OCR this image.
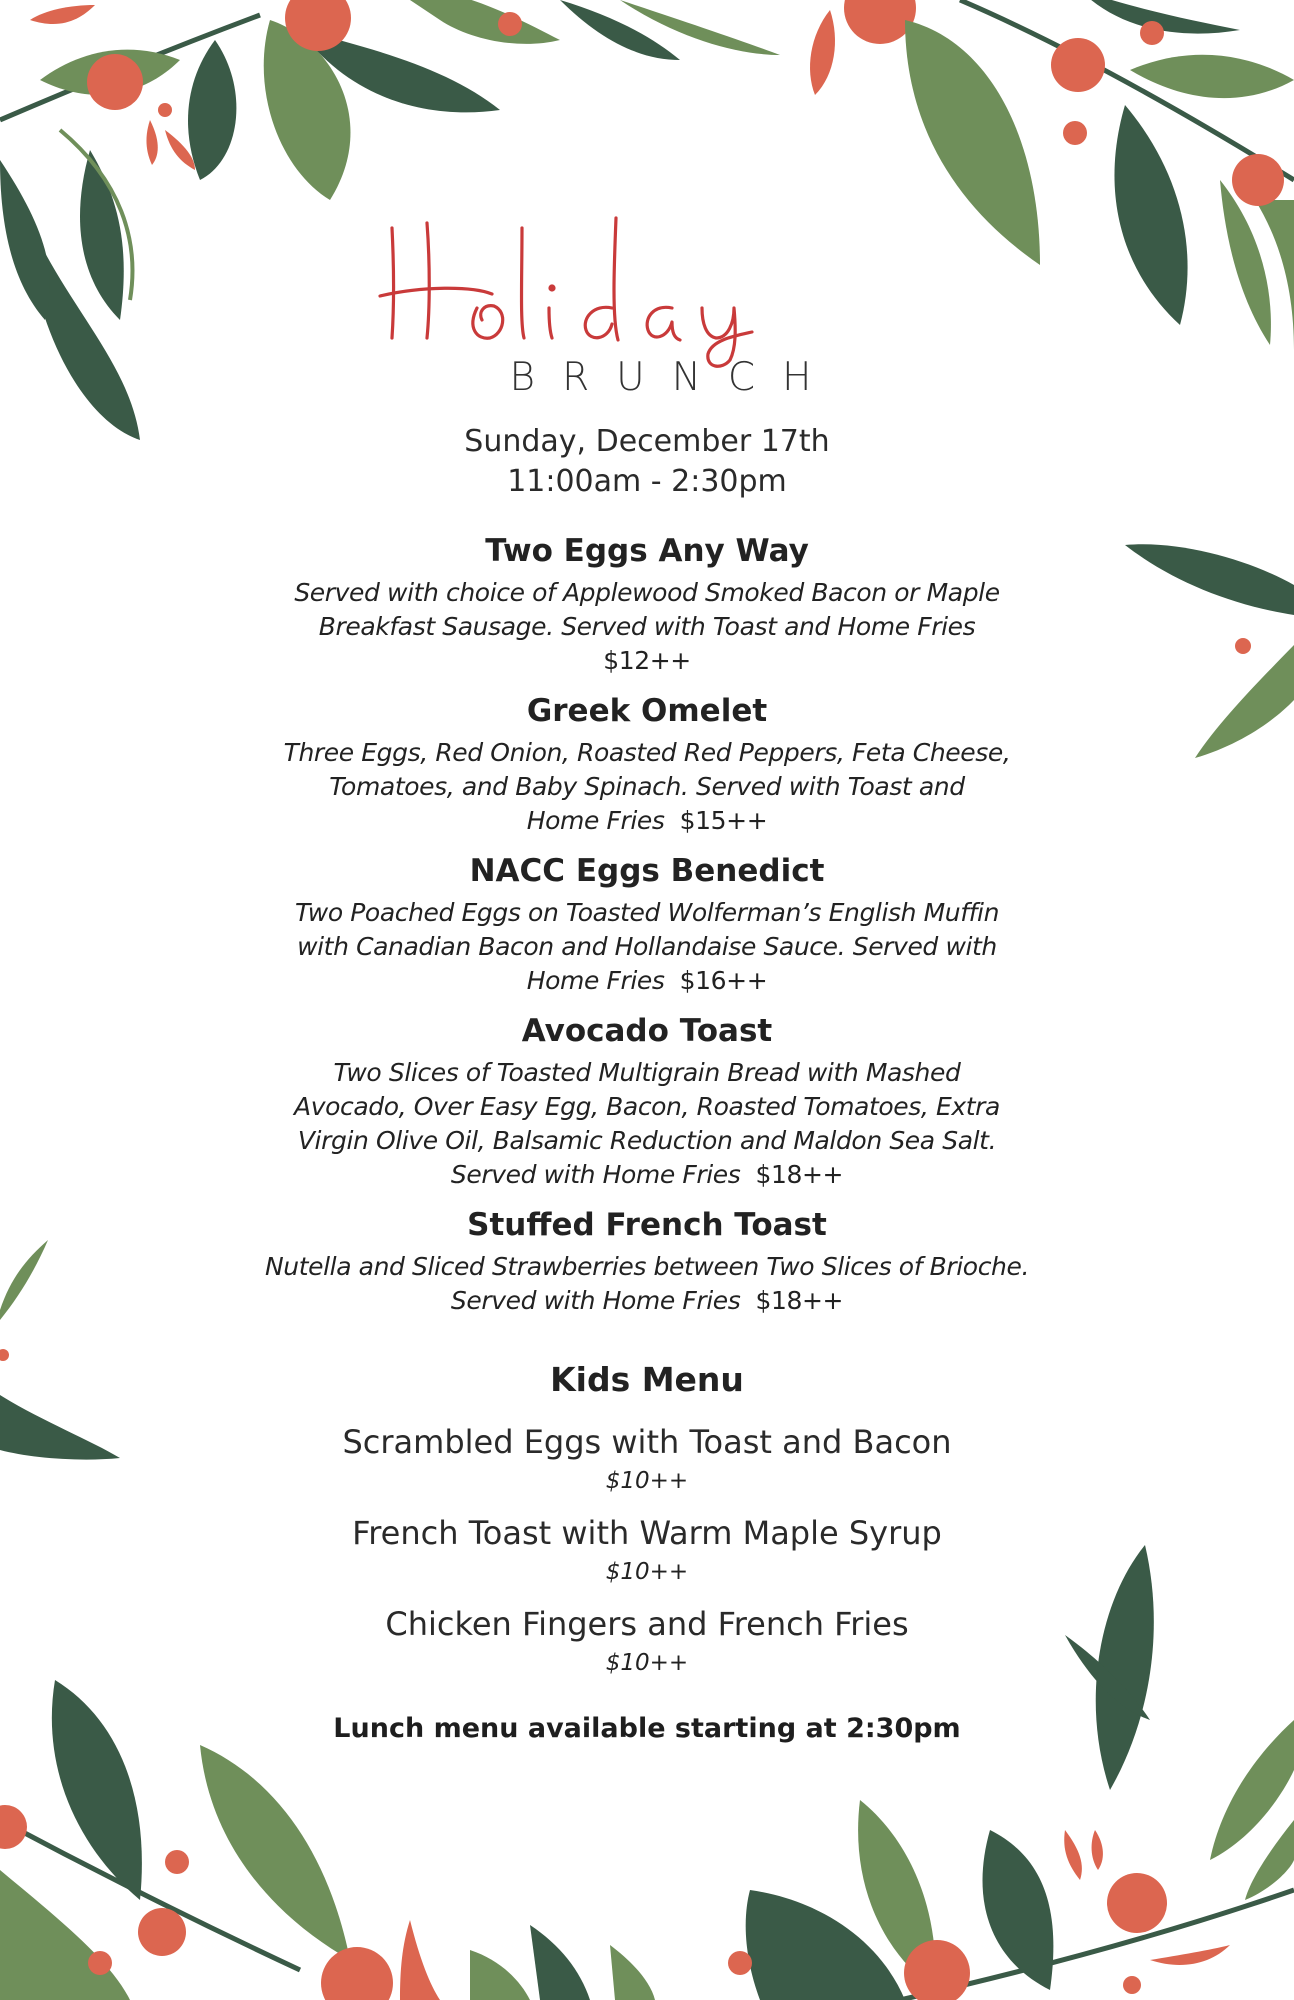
BRUNCH
Sunday, December 17th
11:00am - 2:30pm
Two Eggs Any Way
Served with choice of Applewood Smoked Bacon or Maple
Breakfast Sausage. Served with Toast and Home Fries
$12++
Greek Omelet
Three Eggs, Red Onion, Roasted Red Peppers, Feta Cheese,
Tomatoes, and Baby Spinach. Served with Toast and
Home Fries $15++
NACC Eggs Benedict
Two Poached Eggs on Toasted Wolferman’s English Muffin
with Canadian Bacon and Hollandaise Sauce. Served with
Home Fries $16++
Avocado Toast
Two Slices of Toasted Multigrain Bread with Mashed
Avocado, Over Easy Egg, Bacon, Roasted Tomatoes, Extra
Virgin Olive Oil, Balsamic Reduction and Maldon Sea Salt.
Served with Home Fries $18++
Stuffed French Toast
Nutella and Sliced Strawberries between Two Slices of Brioche.
Served with Home Fries $18++
Kids Menu
Scrambled Eggs with Toast and Bacon
$10++
French Toast with Warm Maple Syrup
$10++
Chicken Fingers and French Fries
$10++
Lunch menu available starting at 2:30pm
